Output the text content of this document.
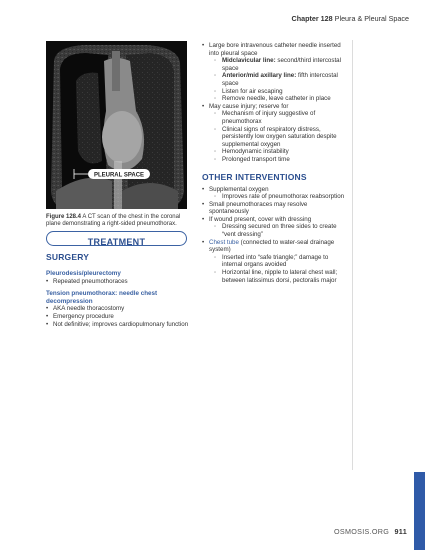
Chapter 128 Pleura & Pleural Space
PLEURAL SPACE
Figure 128.4 A CT scan of the chest in the coronal plane demonstrating a right-sided pneumothorax.
TREATMENT
SURGERY
Pleurodesis/pleurectomy
• Repeated pneumothoraces
Tension pneumothorax: needle chest decompression
• AKA needle thoracostomy
• Emergency procedure
• Not definitive; improves cardiopulmonary function
• Large bore intravenous catheter needle inserted into pleural space
◦ Midclavicular line: second/third intercostal space
◦ Anterior/mid axillary line: fifth intercostal space
◦ Listen for air escaping
◦ Remove needle, leave catheter in place
• May cause injury; reserve for
◦ Mechanism of injury suggestive of pneumothorax
◦ Clinical signs of respiratory distress, persistently low oxygen saturation despite supplemental oxygen
◦ Hemodynamic instability
◦ Prolonged transport time
OTHER INTERVENTIONS
• Supplemental oxygen
◦ Improves rate of pneumothorax reabsorption
• Small pneumothoraces may resolve spontaneously
• If wound present, cover with dressing
◦ Dressing secured on three sides to create “vent dressing”
• Chest tube (connected to water-seal drainage system)
◦ Inserted into “safe triangle;” damage to internal organs avoided
◦ Horizontal line, nipple to lateral chest wall; between latissimus dorsi, pectoralis major
OSMOSIS.ORG 911
